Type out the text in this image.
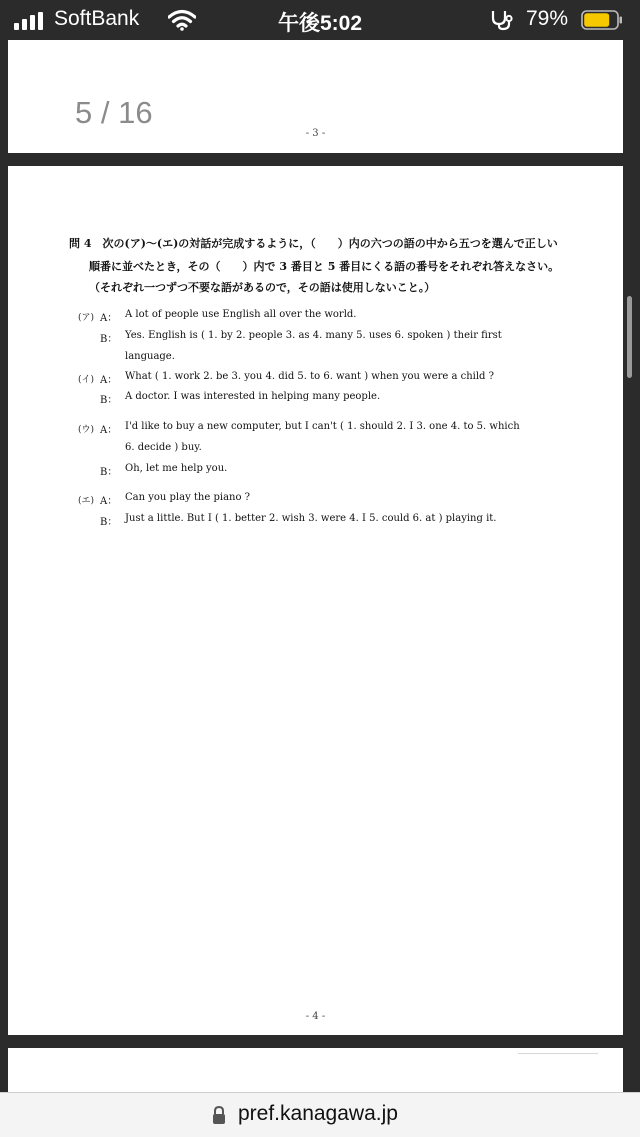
SoftBank	午後5:02	79%
5 / 16
- 3 -
問 4　次の(ア)〜(エ)の対話が完成するように，（　　）内の六つの語の中から五つを選んで正しい
順番に並べたとき，その（　　）内で 3 番目と 5 番目にくる語の番号をそれぞれ答えなさい。
（それぞれ一つずつ不要な語があるので，その語は使用しないこと。）
(ア) A： A lot of people use English all over the world.
B： Yes. English is ( 1. by 2. people 3. as 4. many 5. uses 6. spoken ) their first
language.
(イ) A： What ( 1. work 2. be 3. you 4. did 5. to 6. want ) when you were a child ?
B： A doctor. I was interested in helping many people.
(ウ) A： I'd like to buy a new computer, but I can't ( 1. should 2. I 3. one 4. to 5. which
6. decide ) buy.
B： Oh, let me help you.
(エ) A： Can you play the piano ?
B： Just a little. But I ( 1. better 2. wish 3. were 4. I 5. could 6. at ) playing it.
- 4 -
pref.kanagawa.jp
